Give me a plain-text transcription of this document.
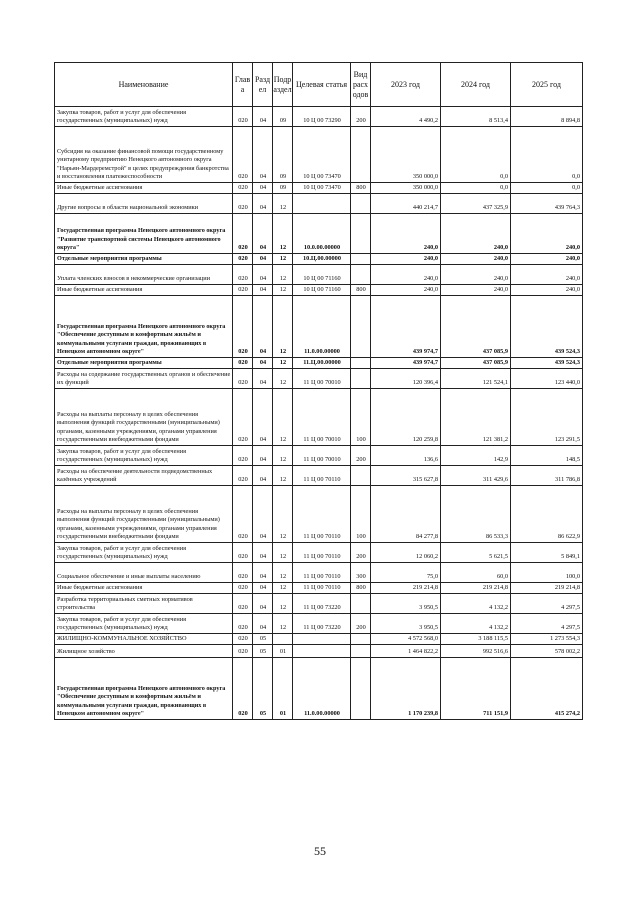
Наименование	Глав а	Разд ел	Подр аздел	Целевая статья	Вид расх одов	2023 год	2024 год	2025 год
Закупка товаров, работ и услуг для обеспечения государственных (муниципальных) нужд	020	04	09	10 Ц 00 73290	200	4 490,2	8 513,4	8 894,8
Субсидия на оказание финансовой помощи государственному унитарному предприятию Ненецкого автономного округа "Нарьян-Мардеремстрой" в целях предупреждения банкротства и восстановления платежеспособности	020	04	09	10 Ц 00 73470		350 000,0	0,0	0,0
Иные бюджетные ассигнования	020	04	09	10 Ц 00 73470	800	350 000,0	0,0	0,0
Другие вопросы в области национальной экономики	020	04	12			440 214,7	437 325,9	439 764,3
Государственная программа Ненецкого автономного округа "Развитие транспортной системы Ненецкого автономного округа"	020	04	12	10.0.00.00000		240,0	240,0	240,0
Отдельные мероприятия программы	020	04	12	10.Ц.00.00000		240,0	240,0	240,0
Уплата членских взносов в некоммерческие организации	020	04	12	10 Ц 00 71160		240,0	240,0	240,0
Иные бюджетные ассигнования	020	04	12	10 Ц 00 71160	800	240,0	240,0	240,0
Государственная программа Ненецкого автономного округа "Обеспечение доступным и комфортным жильём и коммунальными услугами граждан, проживающих в Ненецком автономном округе"	020	04	12	11.0.00.00000		439 974,7	437 085,9	439 524,3
Отдельные мероприятия программы	020	04	12	11.Ц.00.00000		439 974,7	437 085,9	439 524,3
Расходы на содержание государственных органов и обеспечение их функций	020	04	12	11 Ц 00 70010		120 396,4	121 524,1	123 440,0
Расходы на выплаты персоналу в целях обеспечения выполнения функций государственными (муниципальными) органами, казенными учреждениями, органами управления государственными внебюджетными фондами	020	04	12	11 Ц 00 70010	100	120 259,8	121 381,2	123 291,5
Закупка товаров, работ и услуг для обеспечения государственных (муниципальных) нужд	020	04	12	11 Ц 00 70010	200	136,6	142,9	148,5
Расходы на обеспечение деятельности подведомственных казённых учреждений	020	04	12	11 Ц 00 70110		315 627,8	311 429,6	311 786,8
Расходы на выплаты персоналу в целях обеспечения выполнения функций государственными (муниципальными) органами, казенными учреждениями, органами управления государственными внебюджетными фондами	020	04	12	11 Ц 00 70110	100	84 277,8	86 533,3	86 622,9
Закупка товаров, работ и услуг для обеспечения государственных (муниципальных) нужд	020	04	12	11 Ц 00 70110	200	12 060,2	5 621,5	5 849,1
Социальное обеспечение и иные выплаты населению	020	04	12	11 Ц 00 70110	300	75,0	60,0	100,0
Иные бюджетные ассигнования	020	04	12	11 Ц 00 70110	800	219 214,8	219 214,8	219 214,8
Разработка территориальных сметных нормативов строительства	020	04	12	11 Ц 00 73220		3 950,5	4 132,2	4 297,5
Закупка товаров, работ и услуг для обеспечения государственных (муниципальных) нужд	020	04	12	11 Ц 00 73220	200	3 950,5	4 132,2	4 297,5
ЖИЛИЩНО-КОММУНАЛЬНОЕ ХОЗЯЙСТВО	020	05				4 572 568,0	3 188 115,5	1 273 554,3
Жилищное хозяйство	020	05	01			1 464 822,2	992 516,6	578 002,2
Государственная программа Ненецкого автономного округа "Обеспечение доступным и комфортным жильём и коммунальными услугами граждан, проживающих в Ненецком автономном округе"	020	05	01	11.0.00.00000		1 170 239,8	711 151,9	415 274,2
55
